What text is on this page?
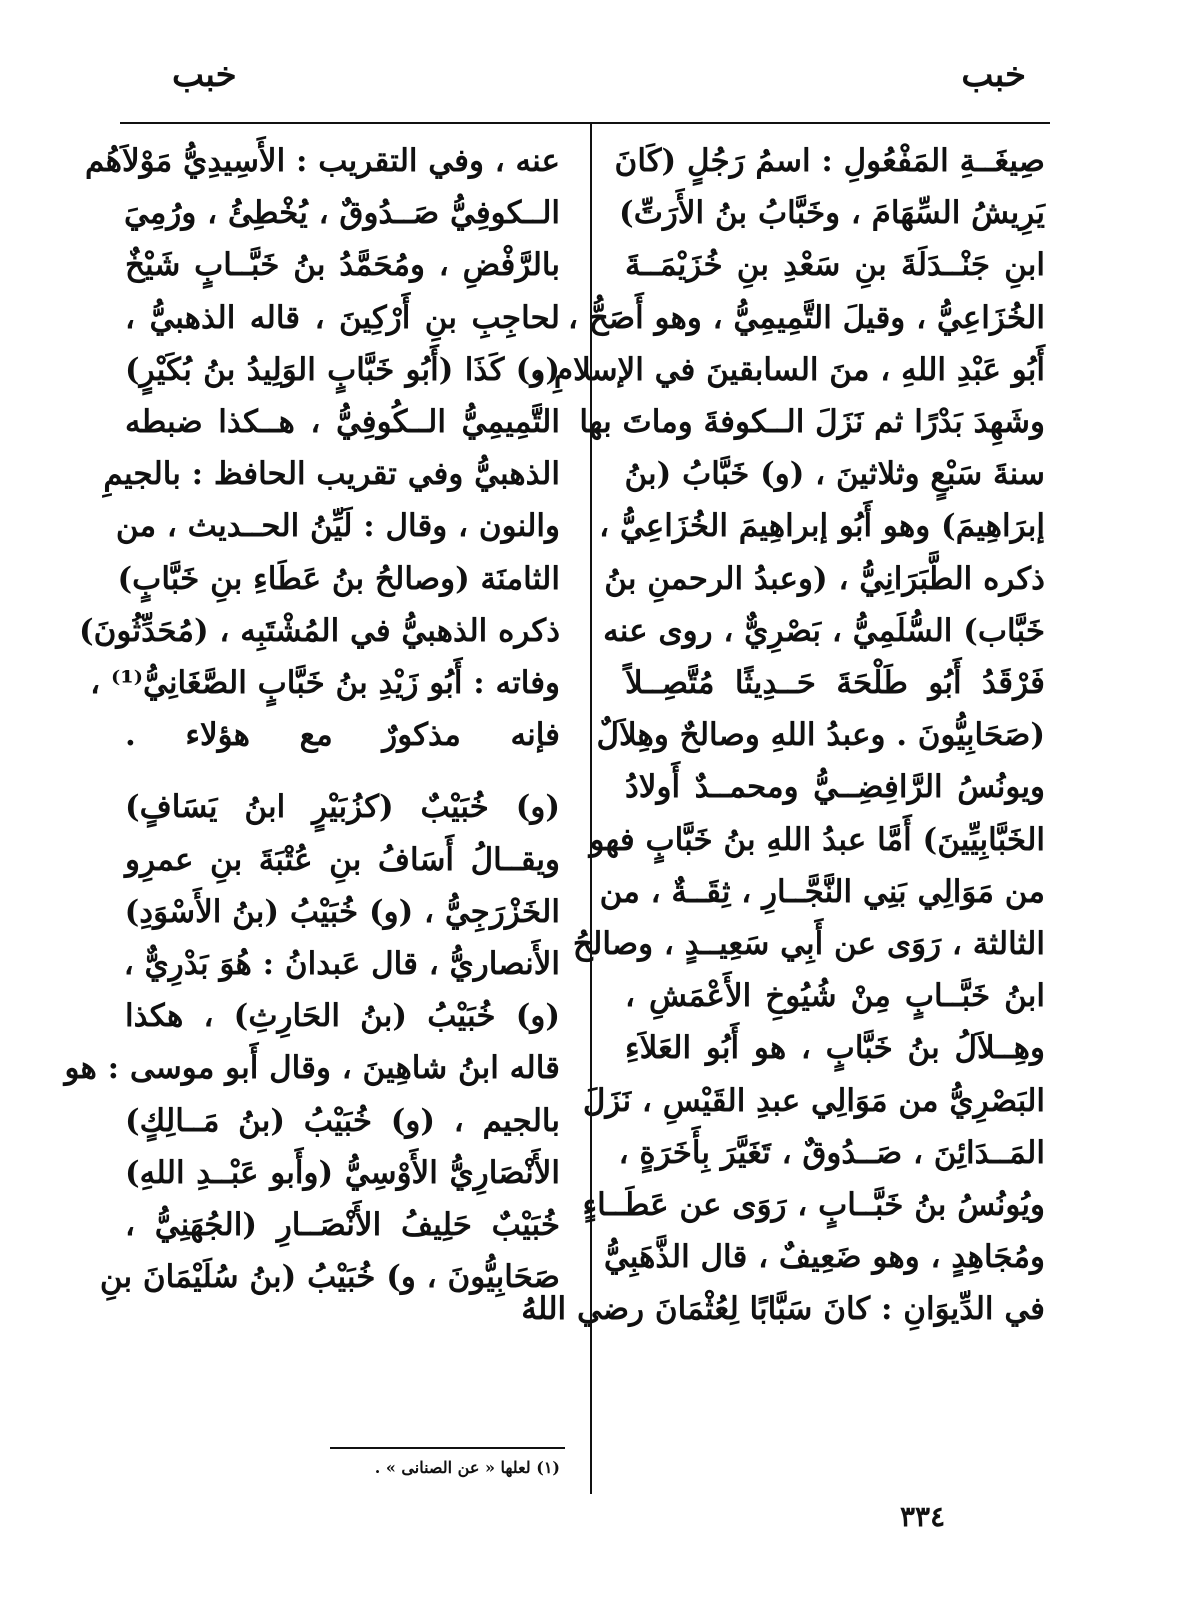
خبب
خبب
صِيغَــةِ المَفْعُولِ : اسمُ رَجُلٍ (كَانَ
يَرِيشُ السِّهَامَ ، وخَبَّابُ بنُ الأَرَتِّ)
ابنِ جَنْــدَلَةَ بنِ سَعْدِ بنِ خُزَيْمَــةَ
الخُزَاعِيُّ ، وقيلَ التَّمِيمِيُّ ، وهو أَصَحُّ ،
أَبُو عَبْدِ اللهِ ، منَ السابقينَ في الإسلامِ ،
وشَهِدَ بَدْرًا ثم نَزَلَ الــكوفةَ وماتَ بها
سنةَ سَبْعٍ وثلاثينَ ، (و) خَبَّابُ (بنُ
إبرَاهِيمَ) وهو أَبُو إبراهِيمَ الخُزَاعِيُّ ،
ذكره الطَّبَرَانِيُّ ، (وعبدُ الرحمنِ بنُ
خَبَّاب) السُّلَمِيُّ ، بَصْرِيٌّ ، روى عنه
فَرْقَدُ أَبُو طَلْحَةَ حَــدِيثًا مُتَّصِــلاً
(صَحَابِيُّونَ . وعبدُ اللهِ وصالحٌ وهِلاَلٌ
ويونُسُ الرَّافِضِــيُّ ومحمــدٌ أَولادُ
الخَبَّابِيِّينَ) أَمَّا عبدُ اللهِ بنُ خَبَّابٍ فهو
من مَوَالِي بَنِي النَّجَّــارِ ، ثِقَــةٌ ، من
الثالثة ، رَوَى عن أَبِي سَعِيــدٍ ، وصالحُ
ابنُ خَبَّــابٍ مِنْ شُيُوخِ الأَعْمَشِ ،
وهِــلاَلُ بنُ خَبَّابٍ ، هو أَبُو العَلاَءِ
البَصْرِيُّ من مَوَالِي عبدِ القَيْسِ ، نَزَلَ
المَــدَائِنَ ، صَــدُوقٌ ، تَغَيَّرَ بِأَخَرَةٍ ،
ويُونُسُ بنُ خَبَّــابٍ ، رَوَى عن عَطَــاءٍ
ومُجَاهِدٍ ، وهو ضَعِيفٌ ، قال الذَّهَبِيُّ
في الدِّيوَانِ : كانَ سَبَّابًا لِعُثْمَانَ رضي اللهُ
عنه ، وفي التقريب : الأَسِيدِيُّ مَوْلاَهُم
الــكوفِيُّ صَــدُوقٌ ، يُخْطِئُ ، ورُمِيَ
بالرَّفْضِ ، ومُحَمَّدُ بنُ خَبَّــابٍ شَيْخٌ
لحاجِبِ بنِ أَرْكِينَ ، قاله الذهبيُّ ،
(و) كَذَا (أَبُو خَبَّابٍ الوَلِيدُ بنُ بُكَيْرٍ)
التَّمِيمِيُّ الــكُوفِيُّ ، هــكذا ضبطه
الذهبيُّ وفي تقريب الحافظ : بالجيمِ
والنون ، وقال : لَيِّنُ الحــديث ، من
الثامنَة (وصالحُ بنُ عَطَاءِ بنِ خَبَّابٍ)
ذكره الذهبيُّ في المُشْتَبِه ، (مُحَدِّثُونَ)
وفاته : أَبُو زَيْدِ بنُ خَبَّابٍ الصَّغَانِيُّ⁽¹⁾ ،
فإنه مذكورٌ مع هؤلاء .
(و) خُبَيْبٌ (كزُبَيْرٍ ابنُ يَسَافٍ)
ويقــالُ أَسَافُ بنِ عُتْبَةَ بنِ عمرِو
الخَزْرَجِيُّ ، (و) خُبَيْبُ (بنُ الأَسْوَدِ)
الأَنصاريُّ ، قال عَبدانُ : هُوَ بَدْرِيٌّ ،
(و) خُبَيْبُ (بنُ الحَارِثِ) ، هكذا
قاله ابنُ شاهِينَ ، وقال أَبو موسى : هو
بالجيم ، (و) خُبَيْبُ (بنُ مَــالِكٍ)
الأَنْصَارِيُّ الأَوْسِيُّ (وأَبو عَبْــدِ اللهِ)
خُبَيْبٌ حَلِيفُ الأَنْصَــارِ (الجُهَنِيُّ ،
صَحَابِيُّونَ ، و) خُبَيْبُ (بنُ سُلَيْمَانَ بنِ
(١) لعلها « عن الصنانى » .
٣٣٤
